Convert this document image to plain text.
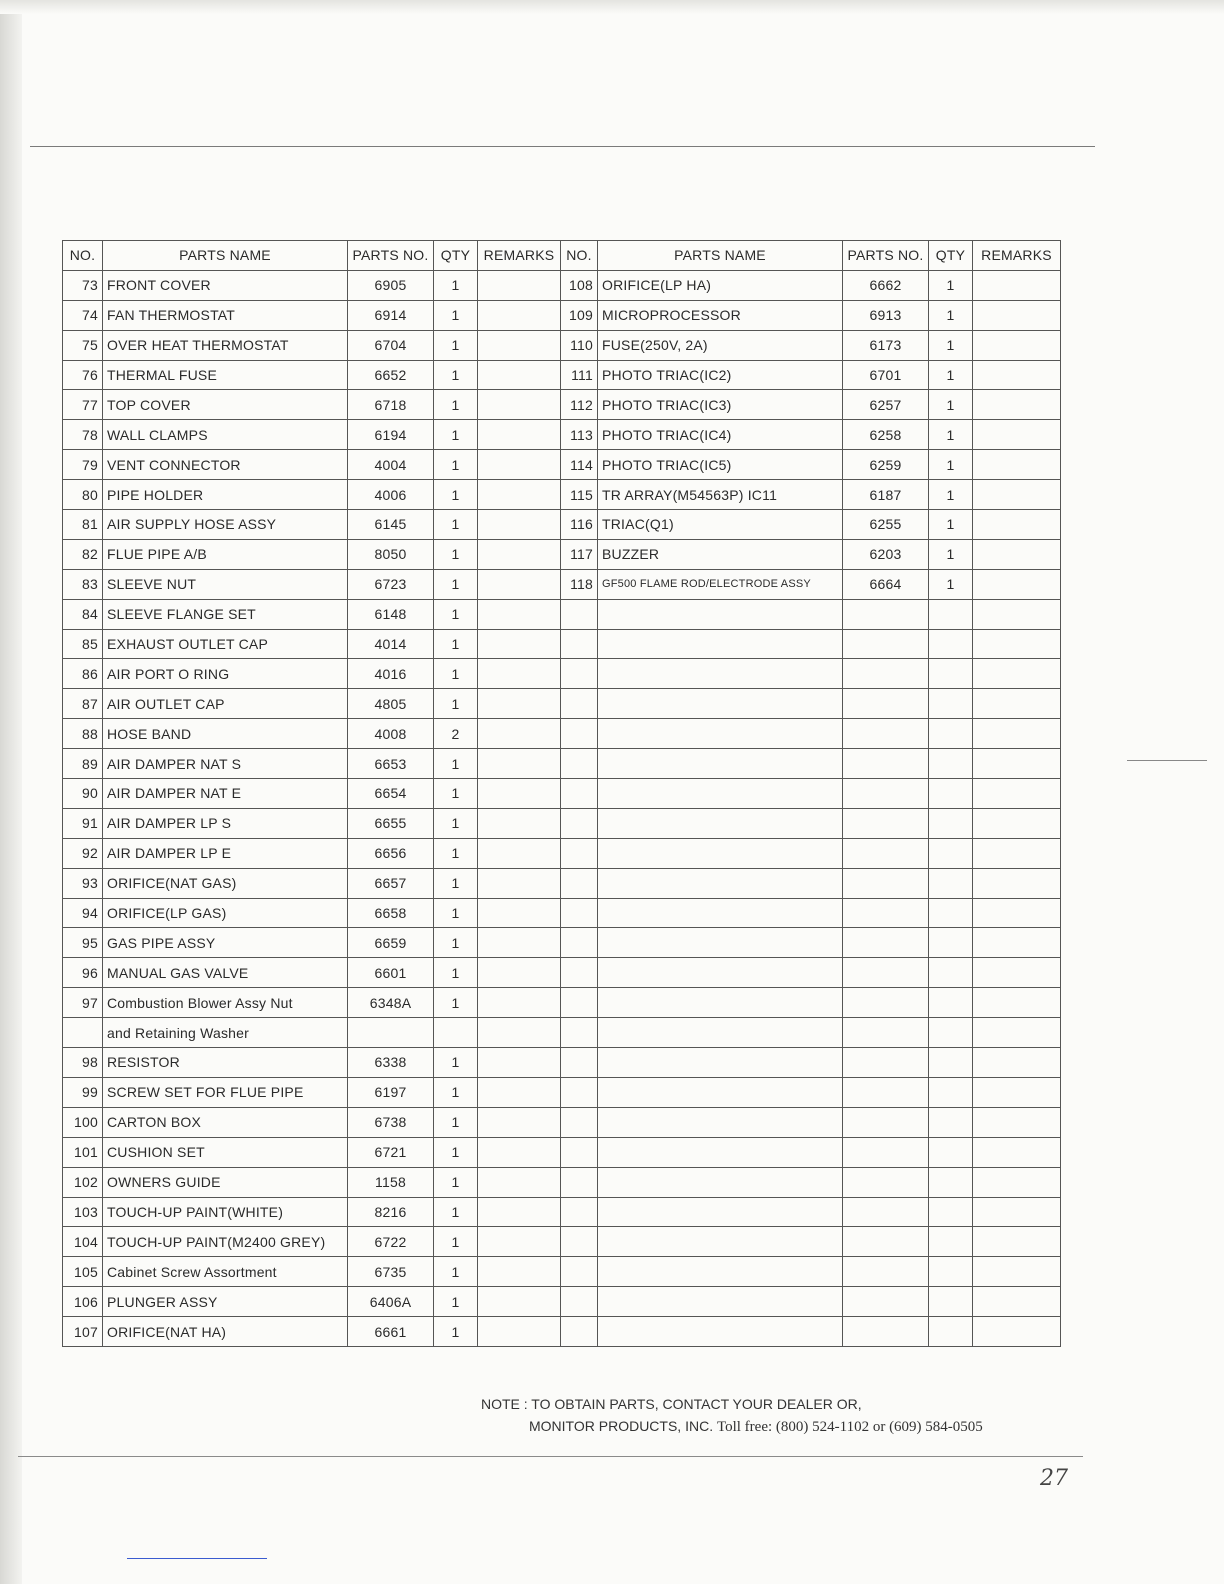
NO.	PARTS NAME	PARTS NO.	QTY	REMARKS	NO.	PARTS NAME	PARTS NO.	QTY	REMARKS
73	FRONT COVER	6905	1		108	ORIFICE(LP HA)	6662	1	
74	FAN THERMOSTAT	6914	1		109	MICROPROCESSOR	6913	1	
75	OVER HEAT THERMOSTAT	6704	1		110	FUSE(250V, 2A)	6173	1	
76	THERMAL FUSE	6652	1		111	PHOTO TRIAC(IC2)	6701	1	
77	TOP COVER	6718	1		112	PHOTO TRIAC(IC3)	6257	1	
78	WALL CLAMPS	6194	1		113	PHOTO TRIAC(IC4)	6258	1	
79	VENT CONNECTOR	4004	1		114	PHOTO TRIAC(IC5)	6259	1	
80	PIPE HOLDER	4006	1		115	TR ARRAY(M54563P) IC11	6187	1	
81	AIR SUPPLY HOSE ASSY	6145	1		116	TRIAC(Q1)	6255	1	
82	FLUE PIPE A/B	8050	1		117	BUZZER	6203	1	
83	SLEEVE NUT	6723	1		118	GF500 FLAME ROD/ELECTRODE ASSY	6664	1	
84	SLEEVE FLANGE SET	6148	1						
85	EXHAUST OUTLET CAP	4014	1						
86	AIR PORT O RING	4016	1						
87	AIR OUTLET CAP	4805	1						
88	HOSE BAND	4008	2						
89	AIR DAMPER NAT S	6653	1						
90	AIR DAMPER NAT E	6654	1						
91	AIR DAMPER LP S	6655	1						
92	AIR DAMPER LP E	6656	1						
93	ORIFICE(NAT GAS)	6657	1						
94	ORIFICE(LP GAS)	6658	1						
95	GAS PIPE ASSY	6659	1						
96	MANUAL GAS VALVE	6601	1						
97	Combustion Blower Assy Nut	6348A	1						
	and Retaining Washer								
98	RESISTOR	6338	1						
99	SCREW SET FOR FLUE PIPE	6197	1						
100	CARTON BOX	6738	1						
101	CUSHION SET	6721	1						
102	OWNERS GUIDE	1158	1						
103	TOUCH-UP PAINT(WHITE)	8216	1						
104	TOUCH-UP PAINT(M2400 GREY)	6722	1						
105	Cabinet Screw Assortment	6735	1						
106	PLUNGER ASSY	6406A	1						
107	ORIFICE(NAT HA)	6661	1						
NOTE : TO OBTAIN PARTS, CONTACT YOUR DEALER OR,
MONITOR PRODUCTS, INC. Toll free: (800) 524-1102 or (609) 584-0505
27
